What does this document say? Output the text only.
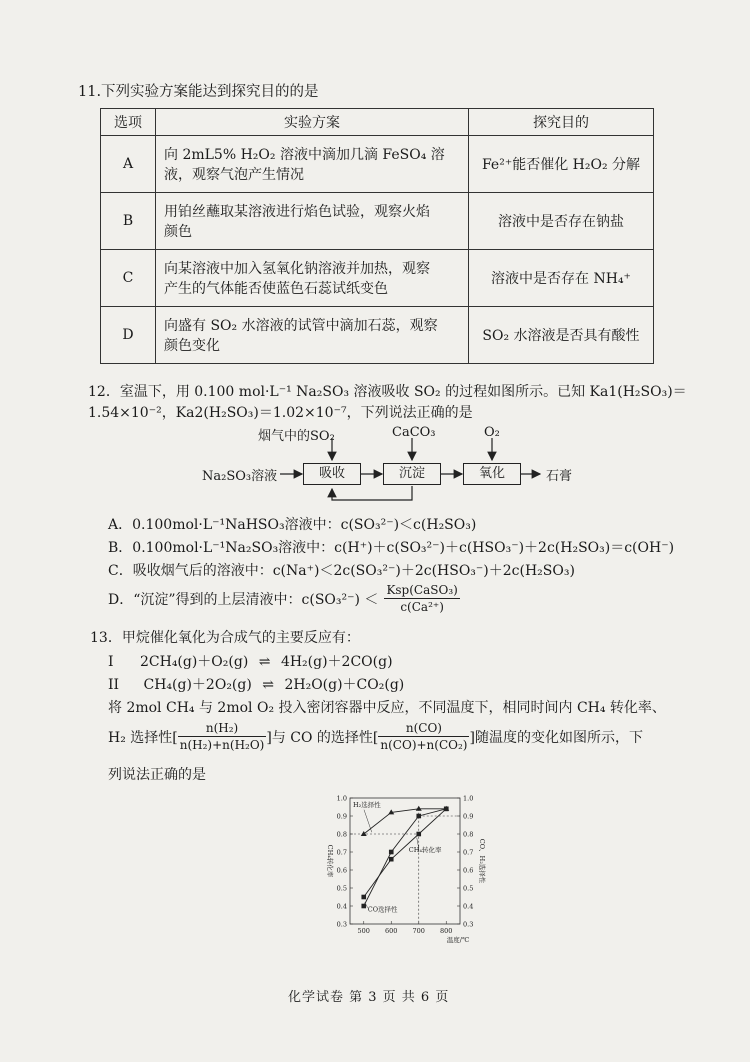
11.下列实验方案能达到探究目的的是
选项	实验方案	探究目的
A	向 2mL5% H₂O₂ 溶液中滴加几滴 FeSO₄ 溶
液，观察气泡产生情况	Fe²⁺能否催化 H₂O₂ 分解
B	用铂丝蘸取某溶液进行焰色试验，观察火焰
颜色	溶液中是否存在钠盐
C	向某溶液中加入氢氧化钠溶液并加热，观察
产生的气体能否使蓝色石蕊试纸变色	溶液中是否存在 NH₄⁺
D	向盛有 SO₂ 水溶液的试管中滴加石蕊，观察
颜色变化	SO₂ 水溶液是否具有酸性
12．室温下，用 0.100 mol·L⁻¹ Na₂SO₃ 溶液吸收 SO₂ 的过程如图所示。已知 Ka1(H₂SO₃)＝
1.54×10⁻²，Ka2(H₂SO₃)＝1.02×10⁻⁷，下列说法正确的是
烟气中的SO₂	CaCO₃	O₂
Na₂SO₃溶液	吸收	沉淀	氧化	石膏
A．0.100mol·L⁻¹NaHSO₃溶液中：c(SO₃²⁻)＜c(H₂SO₃)
B．0.100mol·L⁻¹Na₂SO₃溶液中：c(H⁺)＋c(SO₃²⁻)＋c(HSO₃⁻)＋2c(H₂SO₃)＝c(OH⁻)
C．吸收烟气后的溶液中：c(Na⁺)＜2c(SO₃²⁻)＋2c(HSO₃⁻)＋2c(H₂SO₃)
D．“沉淀”得到的上层清液中：$c(SO_3^{2-}) < \frac{\text{Ksp(CaSO₃)}}{\text{c(Ca²⁺)}}$
13．甲烷催化氧化为合成气的主要反应有：
I 2CH₄(g)＋O₂(g) ⇌ 4H₂(g)＋2CO(g)
II CH₄(g)＋2O₂(g) ⇌ 2H₂O(g)＋CO₂(g)
将 2mol CH₄ 与 2mol O₂ 投入密闭容器中反应，不同温度下，相同时间内 CH₄ 转化率、
H₂ 选择性[ $\frac{\text{n(H₂)}}{\text{n(H₂)+n(H₂O)}}$ ]与 CO 的选择性[ $\frac{n(CO)}{\text{n(CO)+n(CO₂)}}$ ]随温度的变化如图所示，下
列说法正确的是
1.0
0.9
0.8
0.7
0.6
0.5
0.4
0.3
1.0
0.9
0.8
0.7
0.6
0.5
0.4
0.3
500 600 700 800
温度/℃
CH₄转化率	CO、H₂选择性
H₂选择性
CH₄转化率
CO选择性
化学试卷 第 3 页 共 6 页
